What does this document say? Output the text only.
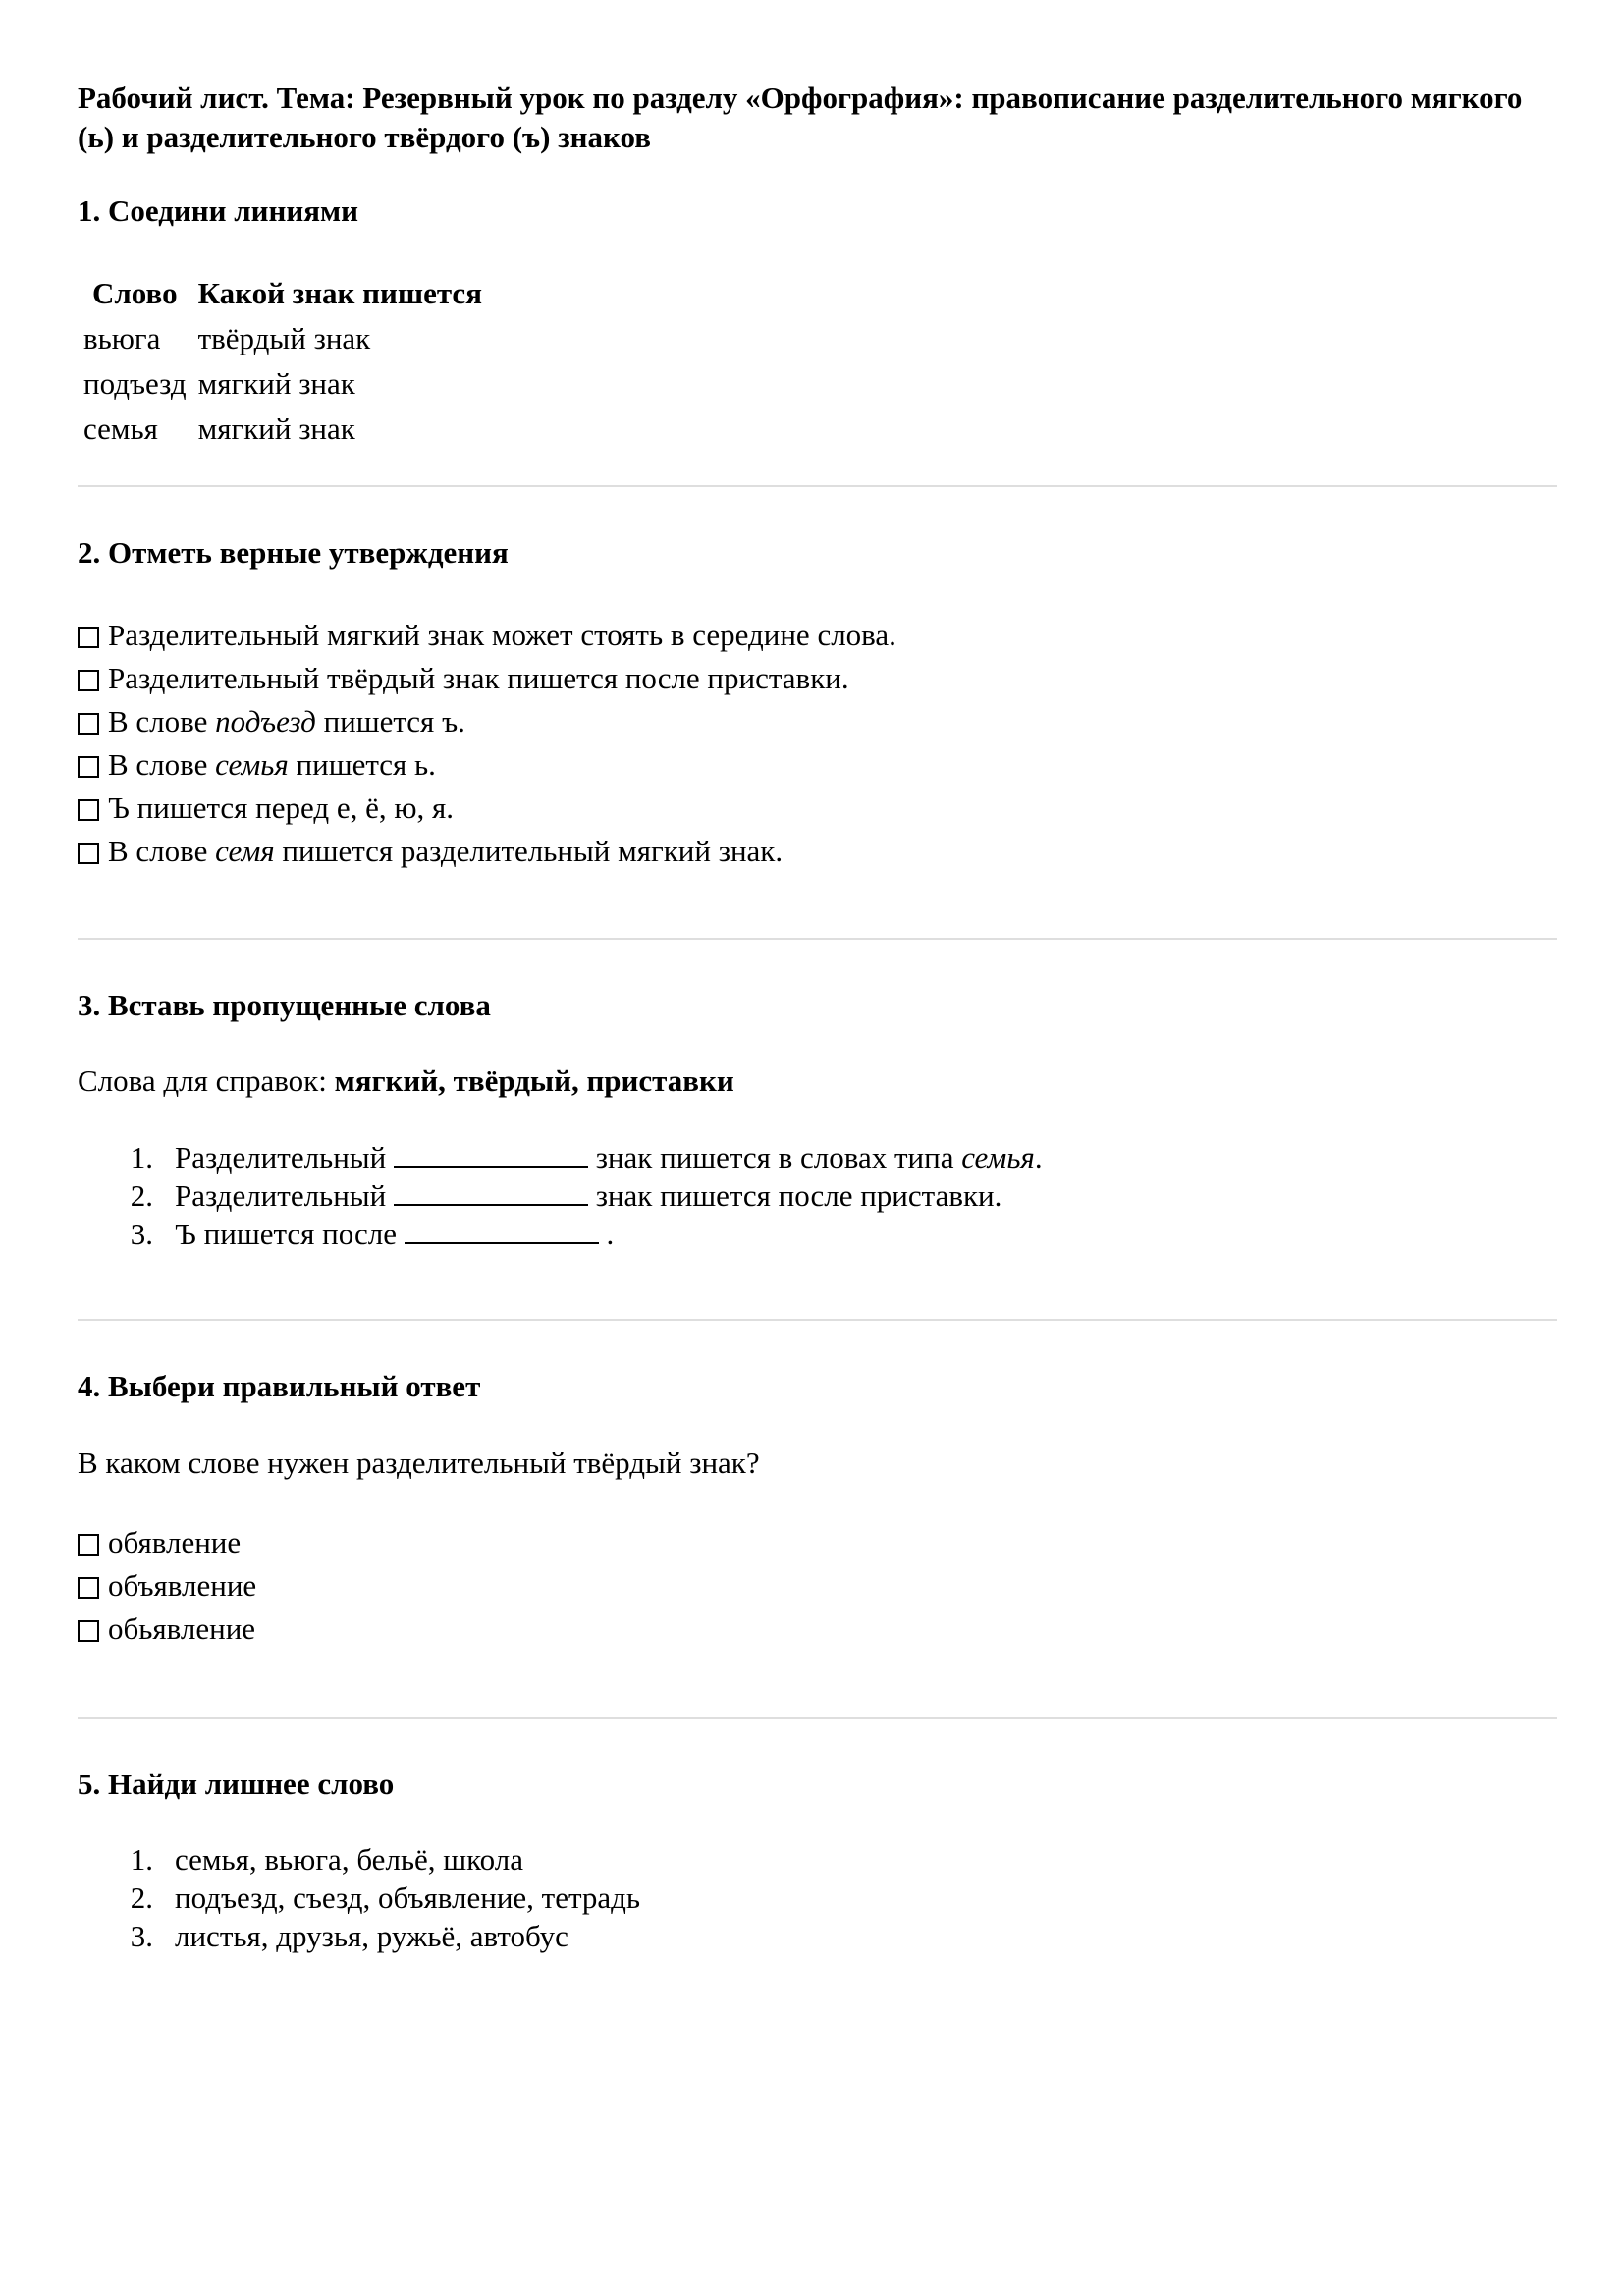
Рабочий лист. Тема: Резервный урок по разделу «Орфография»: правописание разделительного мягкого (ь) и разделительного твёрдого (ъ) знаков
1. Соедини линиями
Слово	Какой знак пишется
вьюга	твёрдый знак
подъезд	мягкий знак
семья	мягкий знак
2. Отметь верные утверждения
Разделительный мягкий знак может стоять в середине слова.
Разделительный твёрдый знак пишется после приставки.
В слове подъезд пишется ъ.
В слове семья пишется ь.
Ъ пишется перед е, ё, ю, я.
В слове семя пишется разделительный мягкий знак.
3. Вставь пропущенные слова
Слова для справок: мягкий, твёрдый, приставки
1. Разделительный	знак пишется в словах типа семья.
2. Разделительный	знак пишется после приставки.
3. Ъ пишется после	.
4. Выбери правильный ответ
В каком слове нужен разделительный твёрдый знак?
обявление
объявление
обьявление
5. Найди лишнее слово
1. семья, вьюга, бельё, школа
2. подъезд, съезд, объявление, тетрадь
3. листья, друзья, ружьё, автобус
